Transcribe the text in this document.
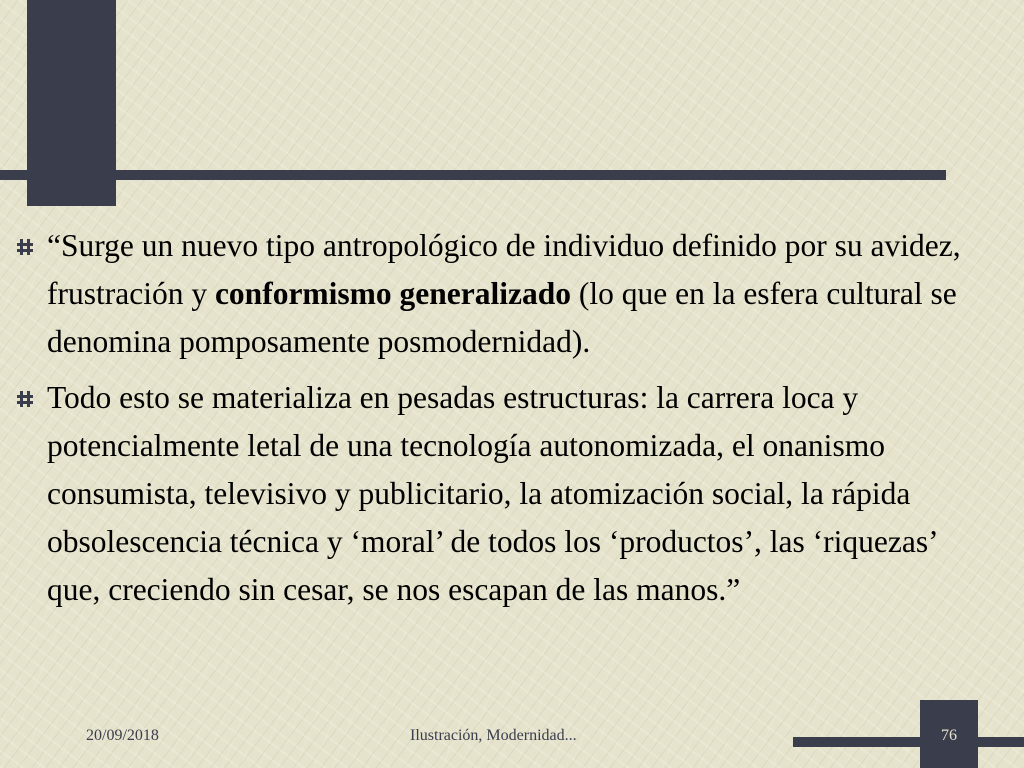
“Surge un nuevo tipo antropológico de individuo definido por su avidez, frustración y conformismo generalizado (lo que en la esfera cultural se denomina pomposamente posmodernidad).
Todo esto se materializa en pesadas estructuras: la carrera loca y potencialmente letal de una tecnología autonomizada, el onanismo consumista, televisivo y publicitario, la atomización social, la rápida obsolescencia técnica y ‘moral’ de todos los ‘productos’, las ‘riquezas’ que, creciendo sin cesar, se nos escapan de las manos.”
20/09/2018	Ilustración, Modernidad...	76
